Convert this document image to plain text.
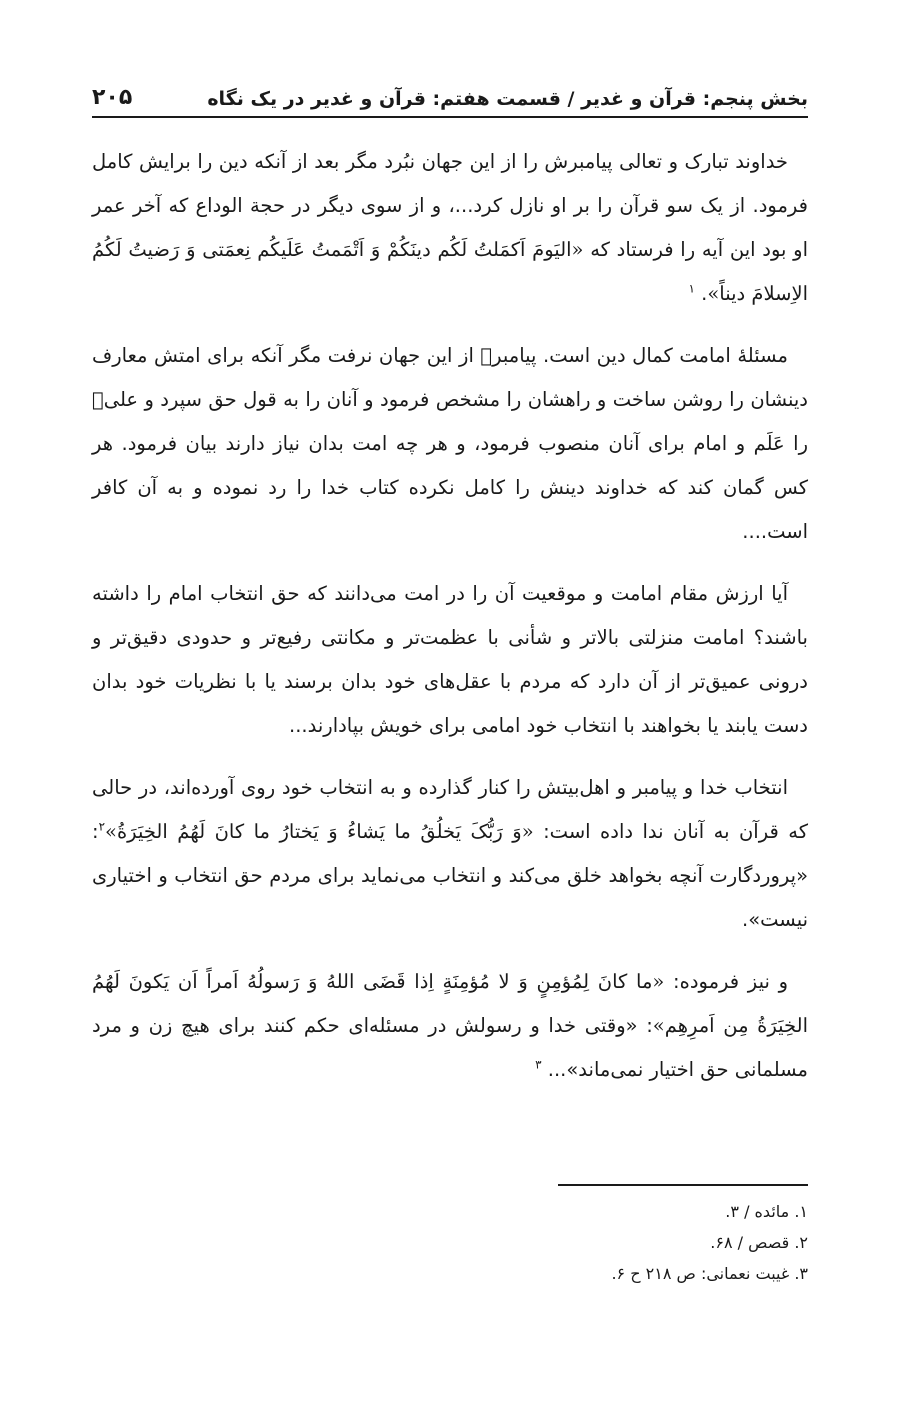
بخش پنجم: قرآن و غدیر / قسمت هفتم: قرآن و غدیر در یک نگاه
۲۰۵

خداوند تبارک و تعالی پیامبرش را از این جهان نبُرد مگر بعد از آنکه دین را برایش کامل فرمود. از یک سو قرآن را بر او نازل کرد...، و از سوی دیگر در حجة الوداع که آخر عمر او بود این آیه را فرستاد که «الیَومَ اَکمَلتُ لَکُم دینَکُمْ وَ اَتْمَمتُ عَلَیکُم نِعمَتی وَ رَضیتُ لَکُمُ الاِسلامَ دیناً». $^۱$

مسئلهٔ امامت کمال دین است. پیامبرﷺ از این جهان نرفت مگر آنکه برای امتش معارف دینشان را روشن ساخت و راهشان را مشخص فرمود و آنان را به قول حق سپرد و علیؑ را عَلَم و امام برای آنان منصوب فرمود، و هر چه امت بدان نیاز دارند بیان فرمود. هر کس گمان کند که خداوند دینش را کامل نکرده کتاب خدا را رد نموده و به آن کافر است....

آیا ارزش مقام امامت و موقعیت آن را در امت می‌دانند که حق انتخاب امام را داشته باشند؟ امامت منزلتی بالاتر و شأنی با عظمت‌تر و مکانتی رفیع‌تر و حدودی دقیق‌تر و درونی عمیق‌تر از آن دارد که مردم با عقل‌های خود بدان برسند یا با نظریات خود بدان دست یابند یا بخواهند با انتخاب خود امامی برای خویش بپادارند...

انتخاب خدا و پیامبر و اهل‌بیتش را کنار گذارده و به انتخاب خود روی آورده‌اند، در حالی که قرآن به آنان ندا داده است: «وَ رَبُّکَ یَخلُقُ ما یَشاءُ وَ یَختارُ ما کانَ لَهُمُ الخِیَرَةُ»$^۲$: «پروردگارت آنچه بخواهد خلق می‌کند و انتخاب می‌نماید برای مردم حق انتخاب و اختیاری نیست».

و نیز فرموده: «ما کانَ لِمُؤمِنٍ وَ لا مُؤمِنَةٍ اِذا قَضَی اللهُ وَ رَسولُهُ اَمراً اَن یَکونَ لَهُمُ الخِیَرَةُ مِن اَمرِهِم»: «وقتی خدا و رسولش در مسئله‌ای حکم کنند برای هیچ زن و مرد مسلمانی حق اختیار نمی‌ماند»... $^۳$

۱. مائده / ۳.

۲. قصص / ۶۸.

۳. غیبت نعمانی: ص ۲۱۸ ح ۶.
